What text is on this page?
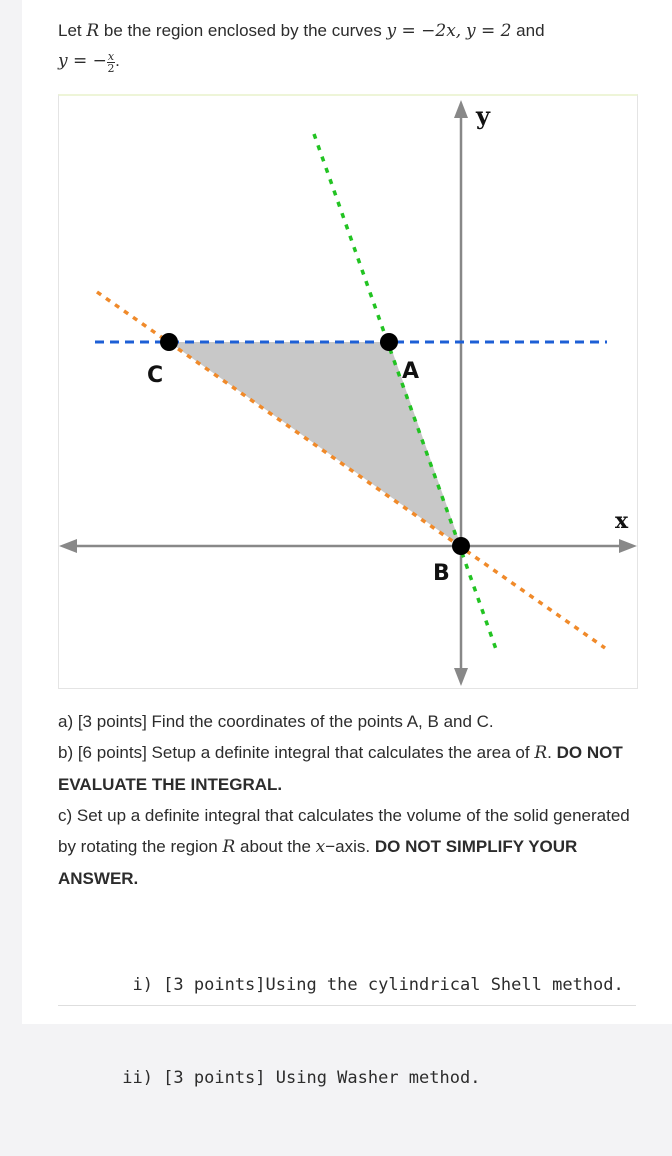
Let R be the region enclosed by the curves y = −2x, y = 2 and
y = − $\frac{x}{2}$ .
C	A
B
x
y

a) [3 points] Find the coordinates of the points A, B and C.

b) [6 points] Setup a definite integral that calculates the area of R. DO NOT EVALUATE THE INTEGRAL.

c) Set up a definite integral that calculates the volume of the solid generated by rotating the region R about the x−axis. DO NOT SIMPLIFY YOUR ANSWER.

i) [3 points]Using the cylindrical Shell method.

ii) [3 points] Using Washer method.
